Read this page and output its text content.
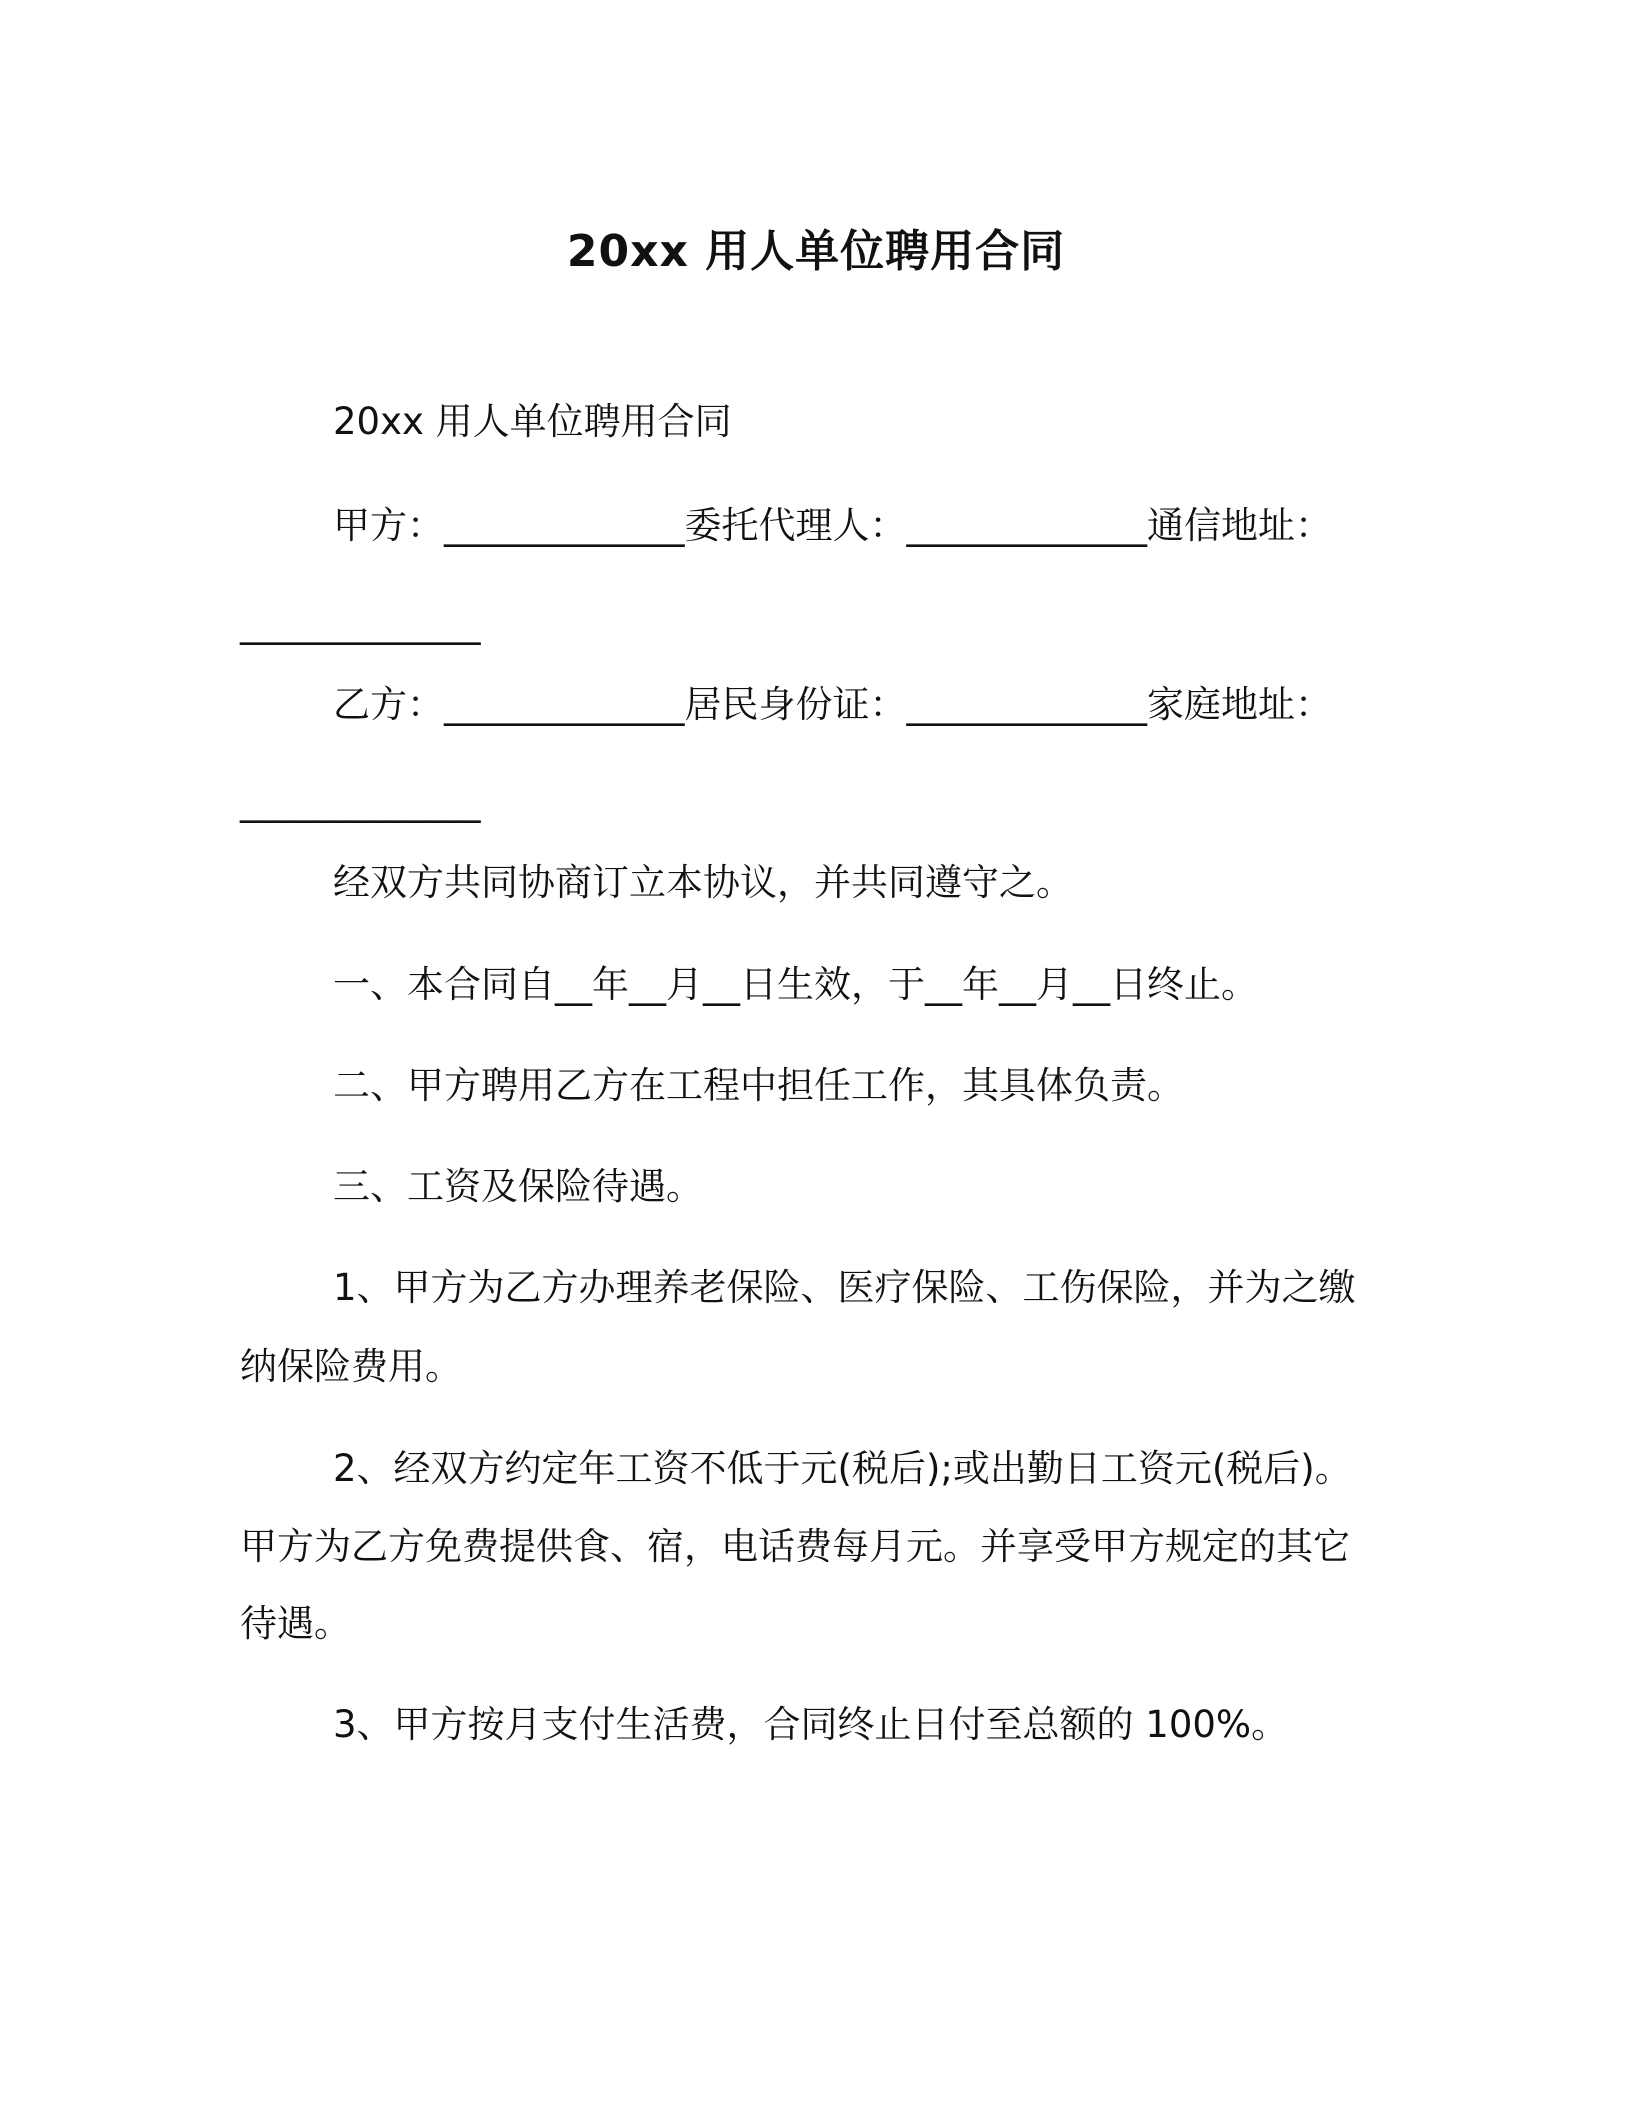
20xx 用人单位聘用合同
20xx 用人单位聘用合同
甲方：_____________委托代理人：_____________通信地址：
_____________
乙方：_____________居民身份证：_____________家庭地址：
_____________
经双方共同协商订立本协议，并共同遵守之。
一、本合同自__年__月__日生效，于__年__月__日终止。
二、甲方聘用乙方在工程中担任工作，其具体负责。
三、工资及保险待遇。
1、甲方为乙方办理养老保险、医疗保险、工伤保险，并为之缴
纳保险费用。
2、经双方约定年工资不低于元(税后);或出勤日工资元(税后)。
甲方为乙方免费提供食、宿，电话费每月元。并享受甲方规定的其它
待遇。
3、甲方按月支付生活费，合同终止日付至总额的 100%。
